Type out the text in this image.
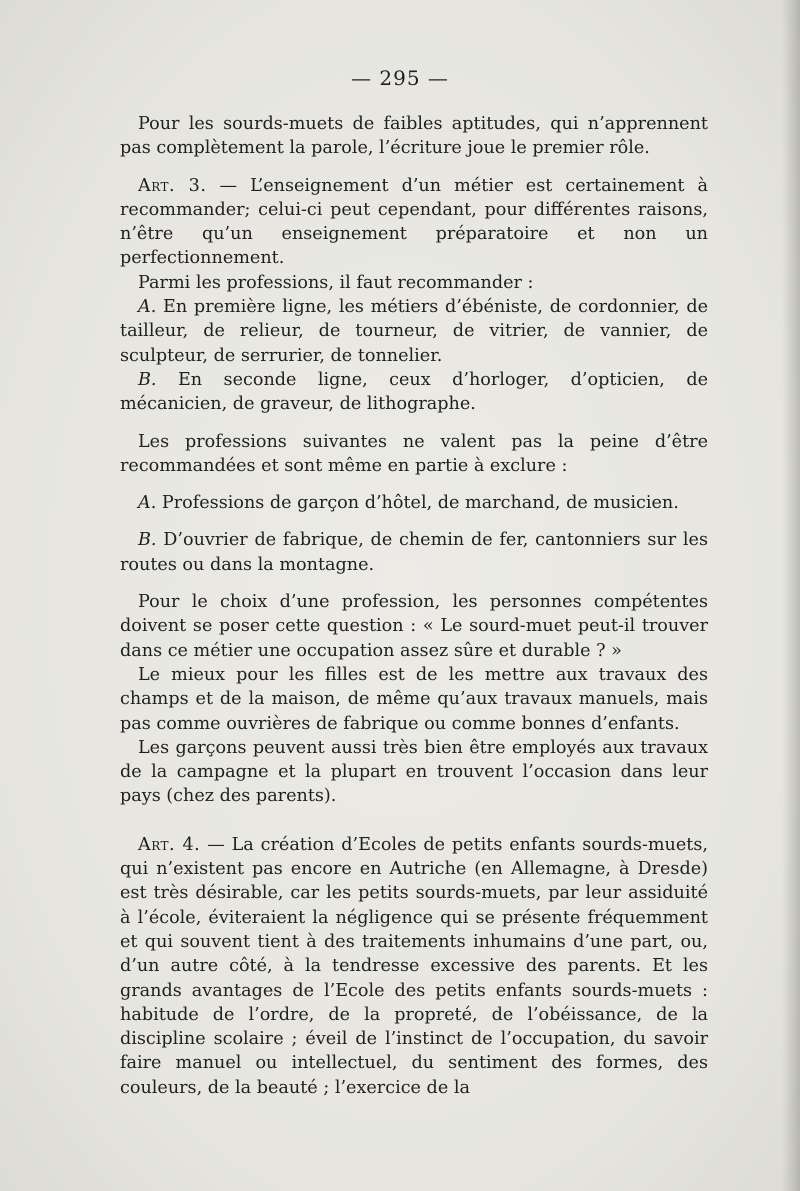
— 295 —

Pour les sourds-muets de faibles aptitudes, qui n’apprennent pas complètement la parole, l’écriture joue le premier rôle.

Art. 3. — L’enseignement d’un métier est certainement à recommander; celui-ci peut cependant, pour différentes raisons, n’être qu’un enseignement préparatoire et non un perfectionnement.

Parmi les professions, il faut recommander :

A. En première ligne, les métiers d’ébéniste, de cordonnier, de tailleur, de relieur, de tourneur, de vitrier, de vannier, de sculpteur, de serrurier, de tonnelier.

B. En seconde ligne, ceux d’horloger, d’opticien, de mécanicien, de graveur, de lithographe.

Les professions suivantes ne valent pas la peine d’être recommandées et sont même en partie à exclure :

A. Professions de garçon d’hôtel, de marchand, de musicien.

B. D’ouvrier de fabrique, de chemin de fer, cantonniers sur les routes ou dans la montagne.

Pour le choix d’une profession, les personnes compétentes doivent se poser cette question : « Le sourd-muet peut-il trouver dans ce métier une occupation assez sûre et durable ? »

Le mieux pour les filles est de les mettre aux travaux des champs et de la maison, de même qu’aux travaux manuels, mais pas comme ouvrières de fabrique ou comme bonnes d’enfants.

Les garçons peuvent aussi très bien être employés aux travaux de la campagne et la plupart en trouvent l’occasion dans leur pays (chez des parents).

Art. 4. — La création d’Ecoles de petits enfants sourds-muets, qui n’existent pas encore en Autriche (en Allemagne, à Dresde) est très désirable, car les petits sourds-muets, par leur assiduité à l’école, éviteraient la négligence qui se présente fréquemment et qui souvent tient à des traitements inhumains d’une part, ou, d’un autre côté, à la tendresse excessive des parents. Et les grands avantages de l’Ecole des petits enfants sourds-muets : habitude de l’ordre, de la propreté, de l’obéissance, de la discipline scolaire ; éveil de l’instinct de l’occupation, du savoir faire manuel ou intellectuel, du sentiment des formes, des couleurs, de la beauté ; l’exercice de la
